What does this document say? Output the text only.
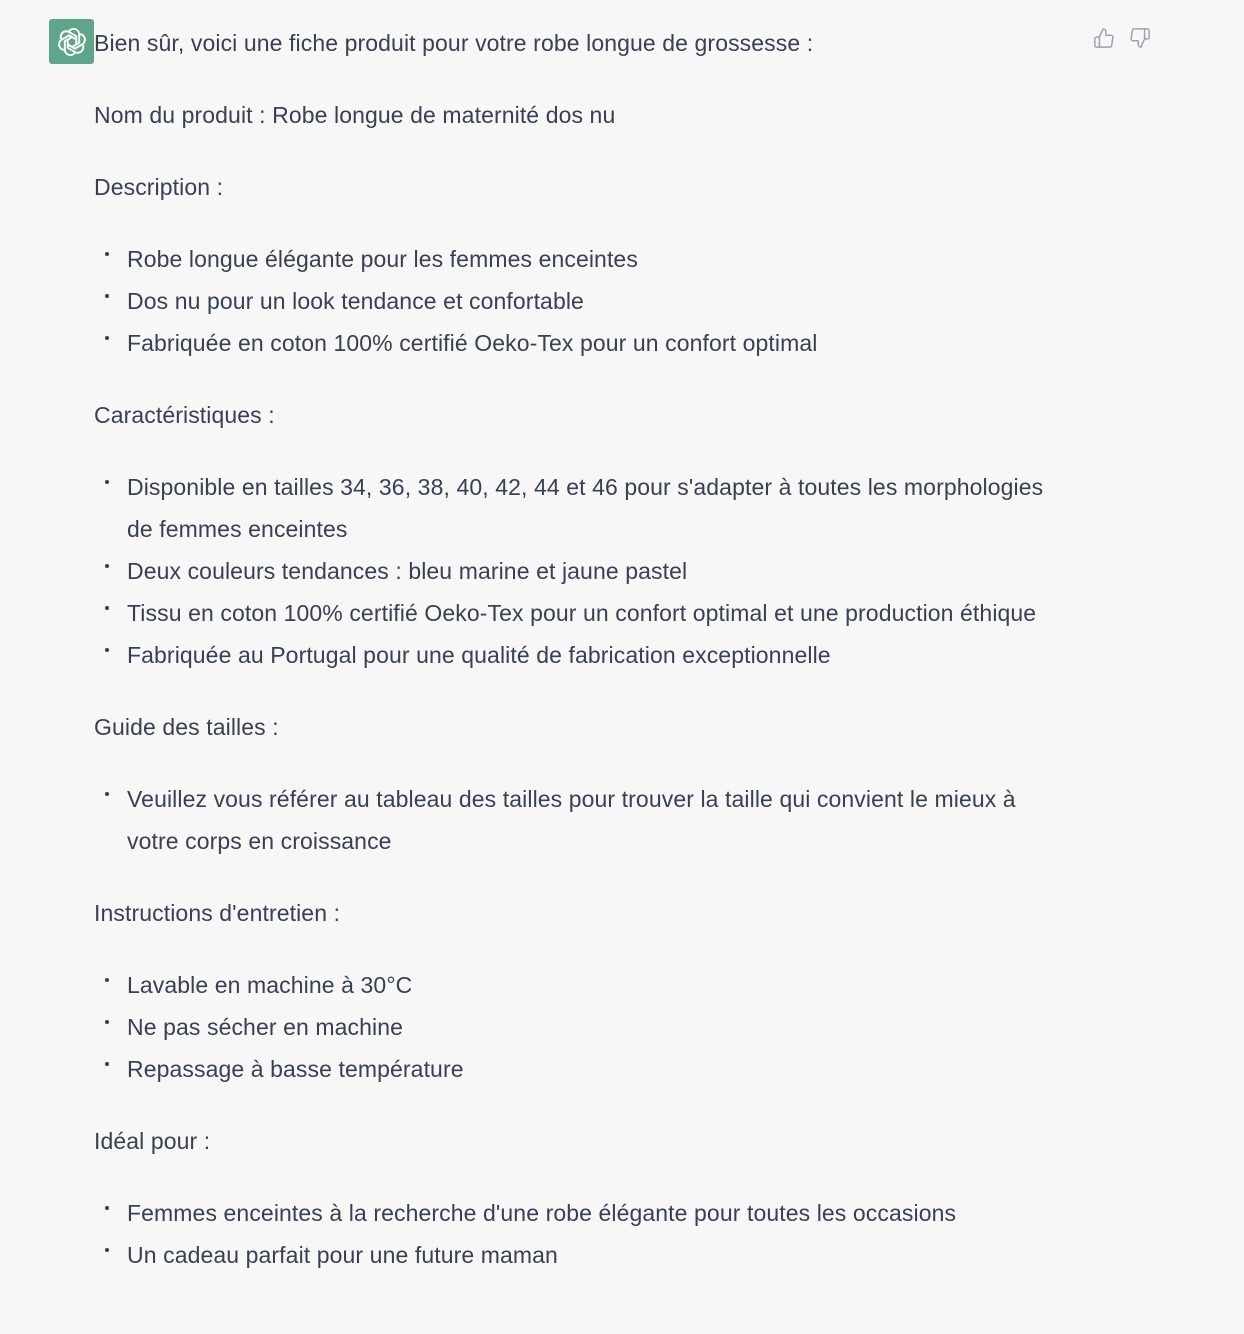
Bien sûr, voici une fiche produit pour votre robe longue de grossesse :

Nom du produit : Robe longue de maternité dos nu

Description :

Robe longue élégante pour les femmes enceintes
Dos nu pour un look tendance et confortable
Fabriquée en coton 100% certifié Oeko-Tex pour un confort optimal

Caractéristiques :

Disponible en tailles 34, 36, 38, 40, 42, 44 et 46 pour s'adapter à toutes les morphologies de femmes enceintes
Deux couleurs tendances : bleu marine et jaune pastel
Tissu en coton 100% certifié Oeko-Tex pour un confort optimal et une production éthique
Fabriquée au Portugal pour une qualité de fabrication exceptionnelle

Guide des tailles :

Veuillez vous référer au tableau des tailles pour trouver la taille qui convient le mieux à votre corps en croissance

Instructions d'entretien :

Lavable en machine à 30°C
Ne pas sécher en machine
Repassage à basse température

Idéal pour :

Femmes enceintes à la recherche d'une robe élégante pour toutes les occasions
Un cadeau parfait pour une future maman
